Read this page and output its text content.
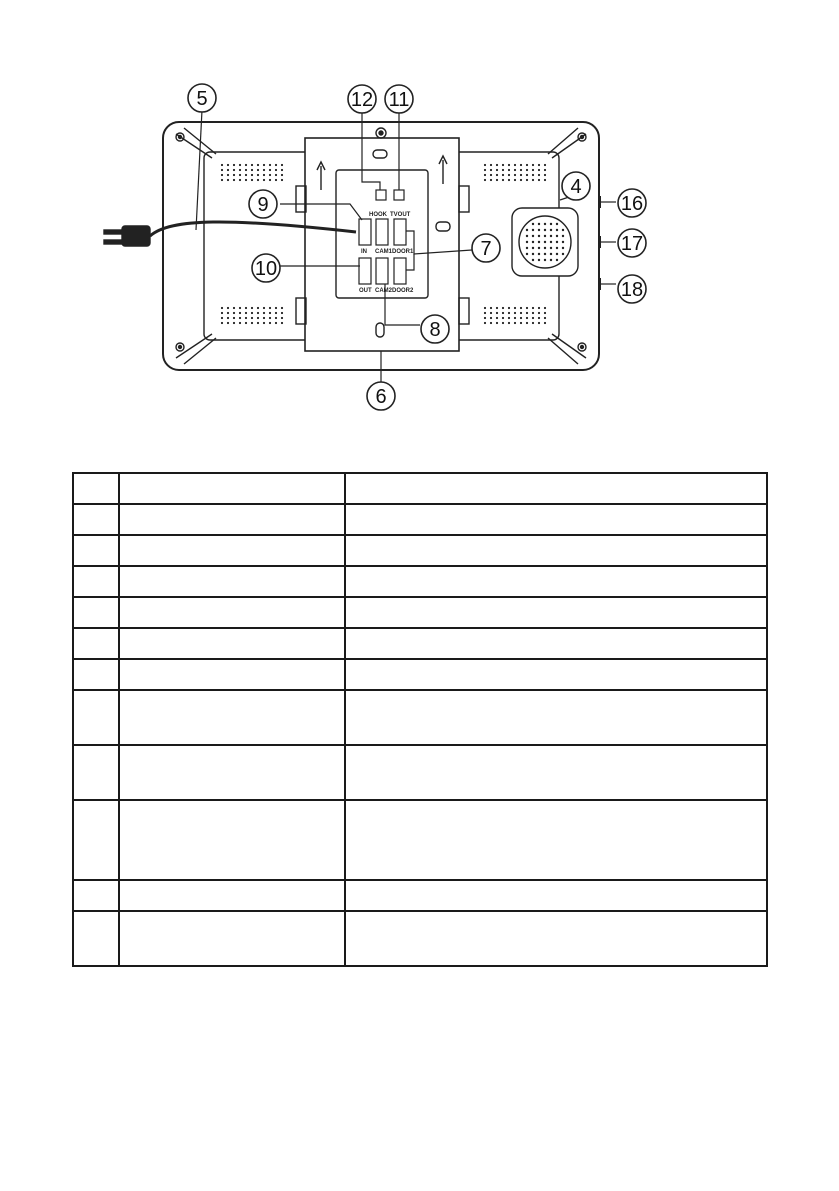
HOOK TVOUT
IN CAM1 DOOR1
OUT CAM2 DOOR2
4
5
6
7
8
9
10
11
12
16
17
18
